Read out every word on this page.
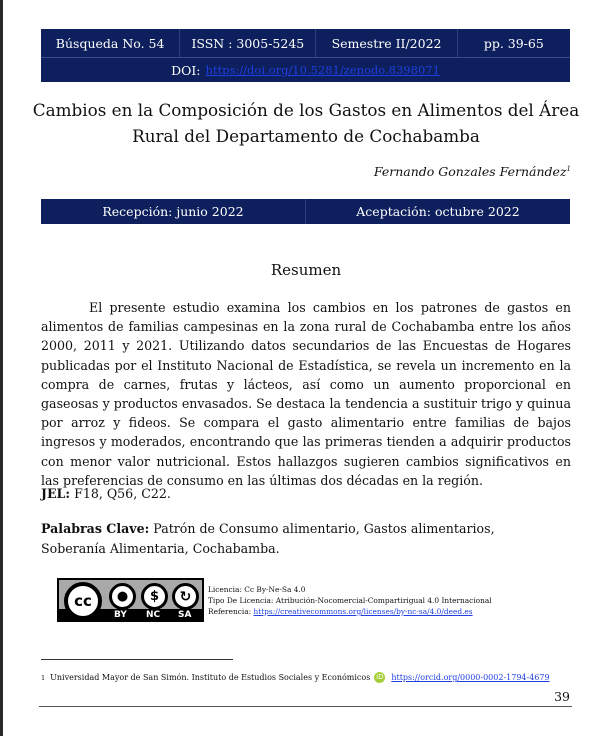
Búsqueda No. 54	ISSN : 3005-5245	Semestre II/2022	pp. 39-65
DOI: https://doi.org/10.5281/zenodo.8398071
Cambios en la Composición de los Gastos en Alimentos del Área Rural del Departamento de Cochabamba
Fernando Gonzales Fernández$^1$
Recepción: junio 2022	Aceptación: octubre 2022
Resumen

El presente estudio examina los cambios en los patrones de gastos en alimentos de familias campesinas en la zona rural de Cochabamba entre los años 2000, 2011 y 2021. Utilizando datos secundarios de las Encuestas de Hogares publicadas por el Instituto Nacional de Estadística, se revela un incremento en la compra de carnes, frutas y lácteos, así como un aumento proporcional en gaseosas y productos envasados. Se destaca la tendencia a sustituir trigo y quinua por arroz y fideos. Se compara el gasto alimentario entre familias de bajos ingresos y moderados, encontrando que las primeras tienden a adquirir productos con menor valor nutricional. Estos hallazgos sugieren cambios significativos en las preferencias de consumo en las últimas dos décadas en la región.

JEL: F18, Q56, C22.
Palabras Clave: Patrón de Consumo alimentario, Gastos alimentarios, Soberanía Alimentaria, Cochabamba.
cc	●	$	↻
BY NC SA
Licencia: Cc By-Ne-Sa 4.0
Tipo De Licencia: Atribución-Nocomercial-Compartirigual 4.0 Internacional
Referencia: https://creativecommons.org/licenses/by-nc-sa/4.0/deed.es
1 Universidad Mayor de San Simón. Instituto de Estudios Sociales y Económicos iD https://orcid.org/0000-0002-1794-4679
39
